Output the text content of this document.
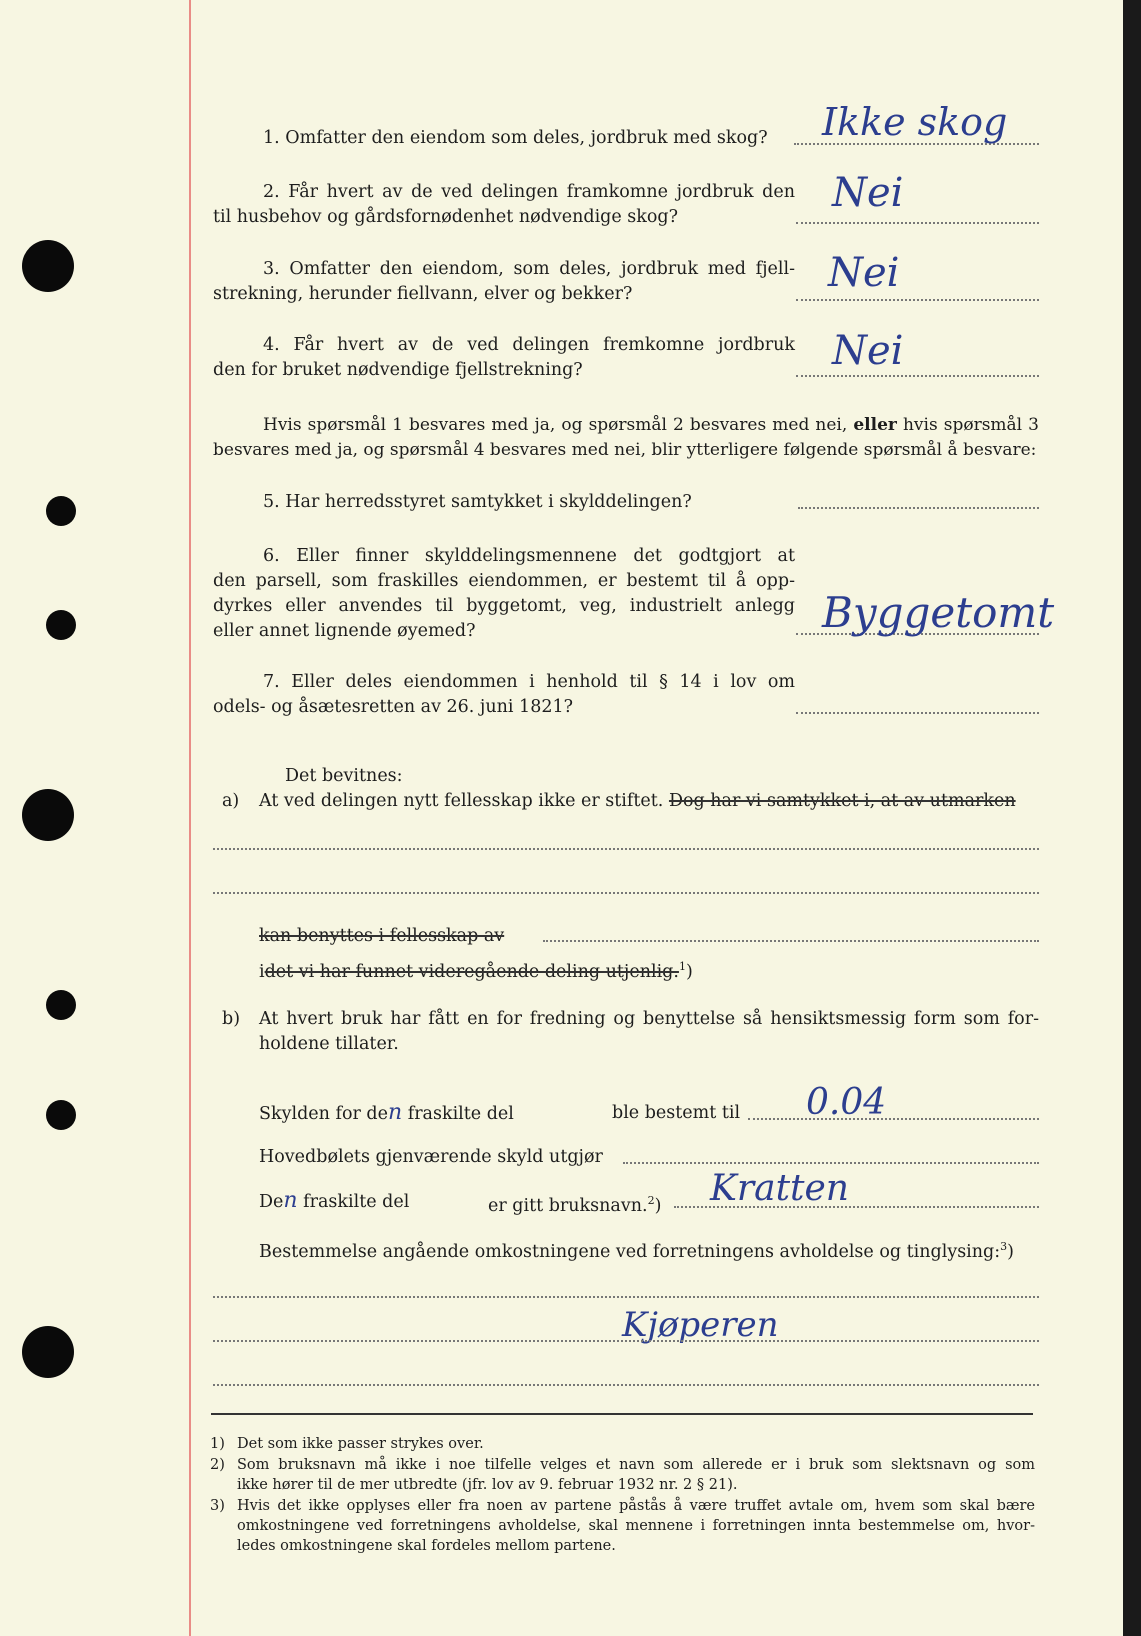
1. Omfatter den eiendom som deles, jordbruk med skog? Ikke skog
2. Får hvert av de ved delingen framkomne jordbruk den
til husbehov og gårdsfornødenhet nødvendige skog?
Nei
3. Omfatter den eiendom, som deles, jordbruk med fjell-
strekning, herunder fiellvann, elver og bekker?	Nei
4. Får hvert av de ved delingen fremkomne jordbruk
den for bruket nødvendige fjellstrekning?	Nei
Hvis spørsmål 1 besvares med ja, og spørsmål 2 besvares med nei, eller hvis spørsmål 3
besvares med ja, og spørsmål 4 besvares med nei, blir ytterligere følgende spørsmål å besvare:
5. Har herredsstyret samtykket i skylddelingen?
6. Eller finner skylddelingsmennene det godtgjort at
den parsell, som fraskilles eiendommen, er bestemt til å opp-
dyrkes eller anvendes til byggetomt, veg, industrielt anlegg
eller annet lignende øyemed?	Byggetomt
7. Eller deles eiendommen i henhold til § 14 i lov om
odels- og åsætesretten av 26. juni 1821?
Det bevitnes:
a) At ved delingen nytt fellesskap ikke er stiftet. Dog har vi samtykket i, at av utmarken
kan benyttes i fellesskap av
idet vi har funnet videregående deling utjenlig.$^1$)
b) At hvert bruk har fått en for fredning og benyttelse så hensiktsmessig form som for-
holdene tillater.
Skylden for den fraskilte del	ble bestemt til 0.04
Hovedbølets gjenværende skyld utgjør
Den fraskilte del	er gitt bruksnavn.$^2$) Kratten
Bestemmelse angående omkostningene ved forretningens avholdelse og tinglysing:$^3$)
Kjøperen
1) Det som ikke passer strykes over.
2) Som bruksnavn må ikke i noe tilfelle velges et navn som allerede er i bruk som slektsnavn og som
ikke hører til de mer utbredte (jfr. lov av 9. februar 1932 nr. 2 § 21).
3) Hvis det ikke opplyses eller fra noen av partene påstås å være truffet avtale om, hvem som skal bære
omkostningene ved forretningens avholdelse, skal mennene i forretningen innta bestemmelse om, hvor-
ledes omkostningene skal fordeles mellom partene.
